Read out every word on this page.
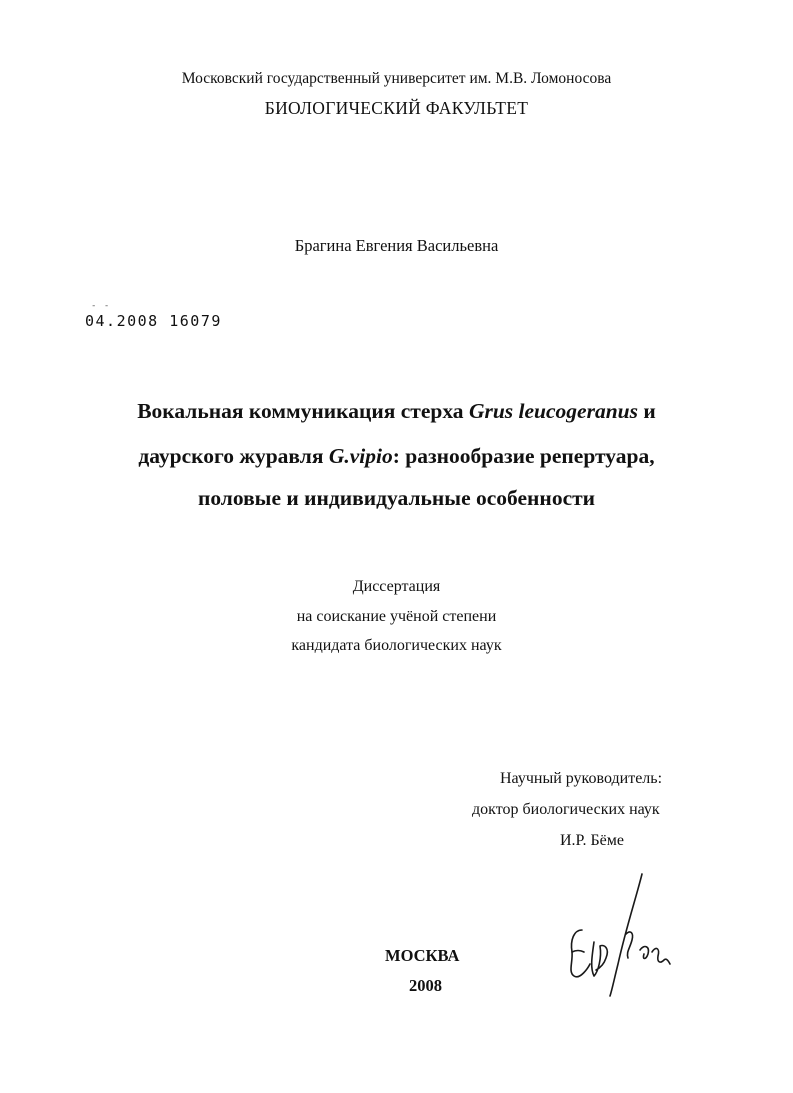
Московский государственный университет им. М.В. Ломоносова
БИОЛОГИЧЕСКИЙ ФАКУЛЬТЕТ
Брагина Евгения Васильевна
- -
04.2008 16079
Вокальная коммуникация стерха Grus leucogeranus и
даурского журавля G.vipio: разнообразие репертуара,
половые и индивидуальные особенности
Диссертация
на соискание учёной степени
кандидата биологических наук
Научный руководитель:
доктор биологических наук
И.Р. Бёме
МОСКВА
2008
